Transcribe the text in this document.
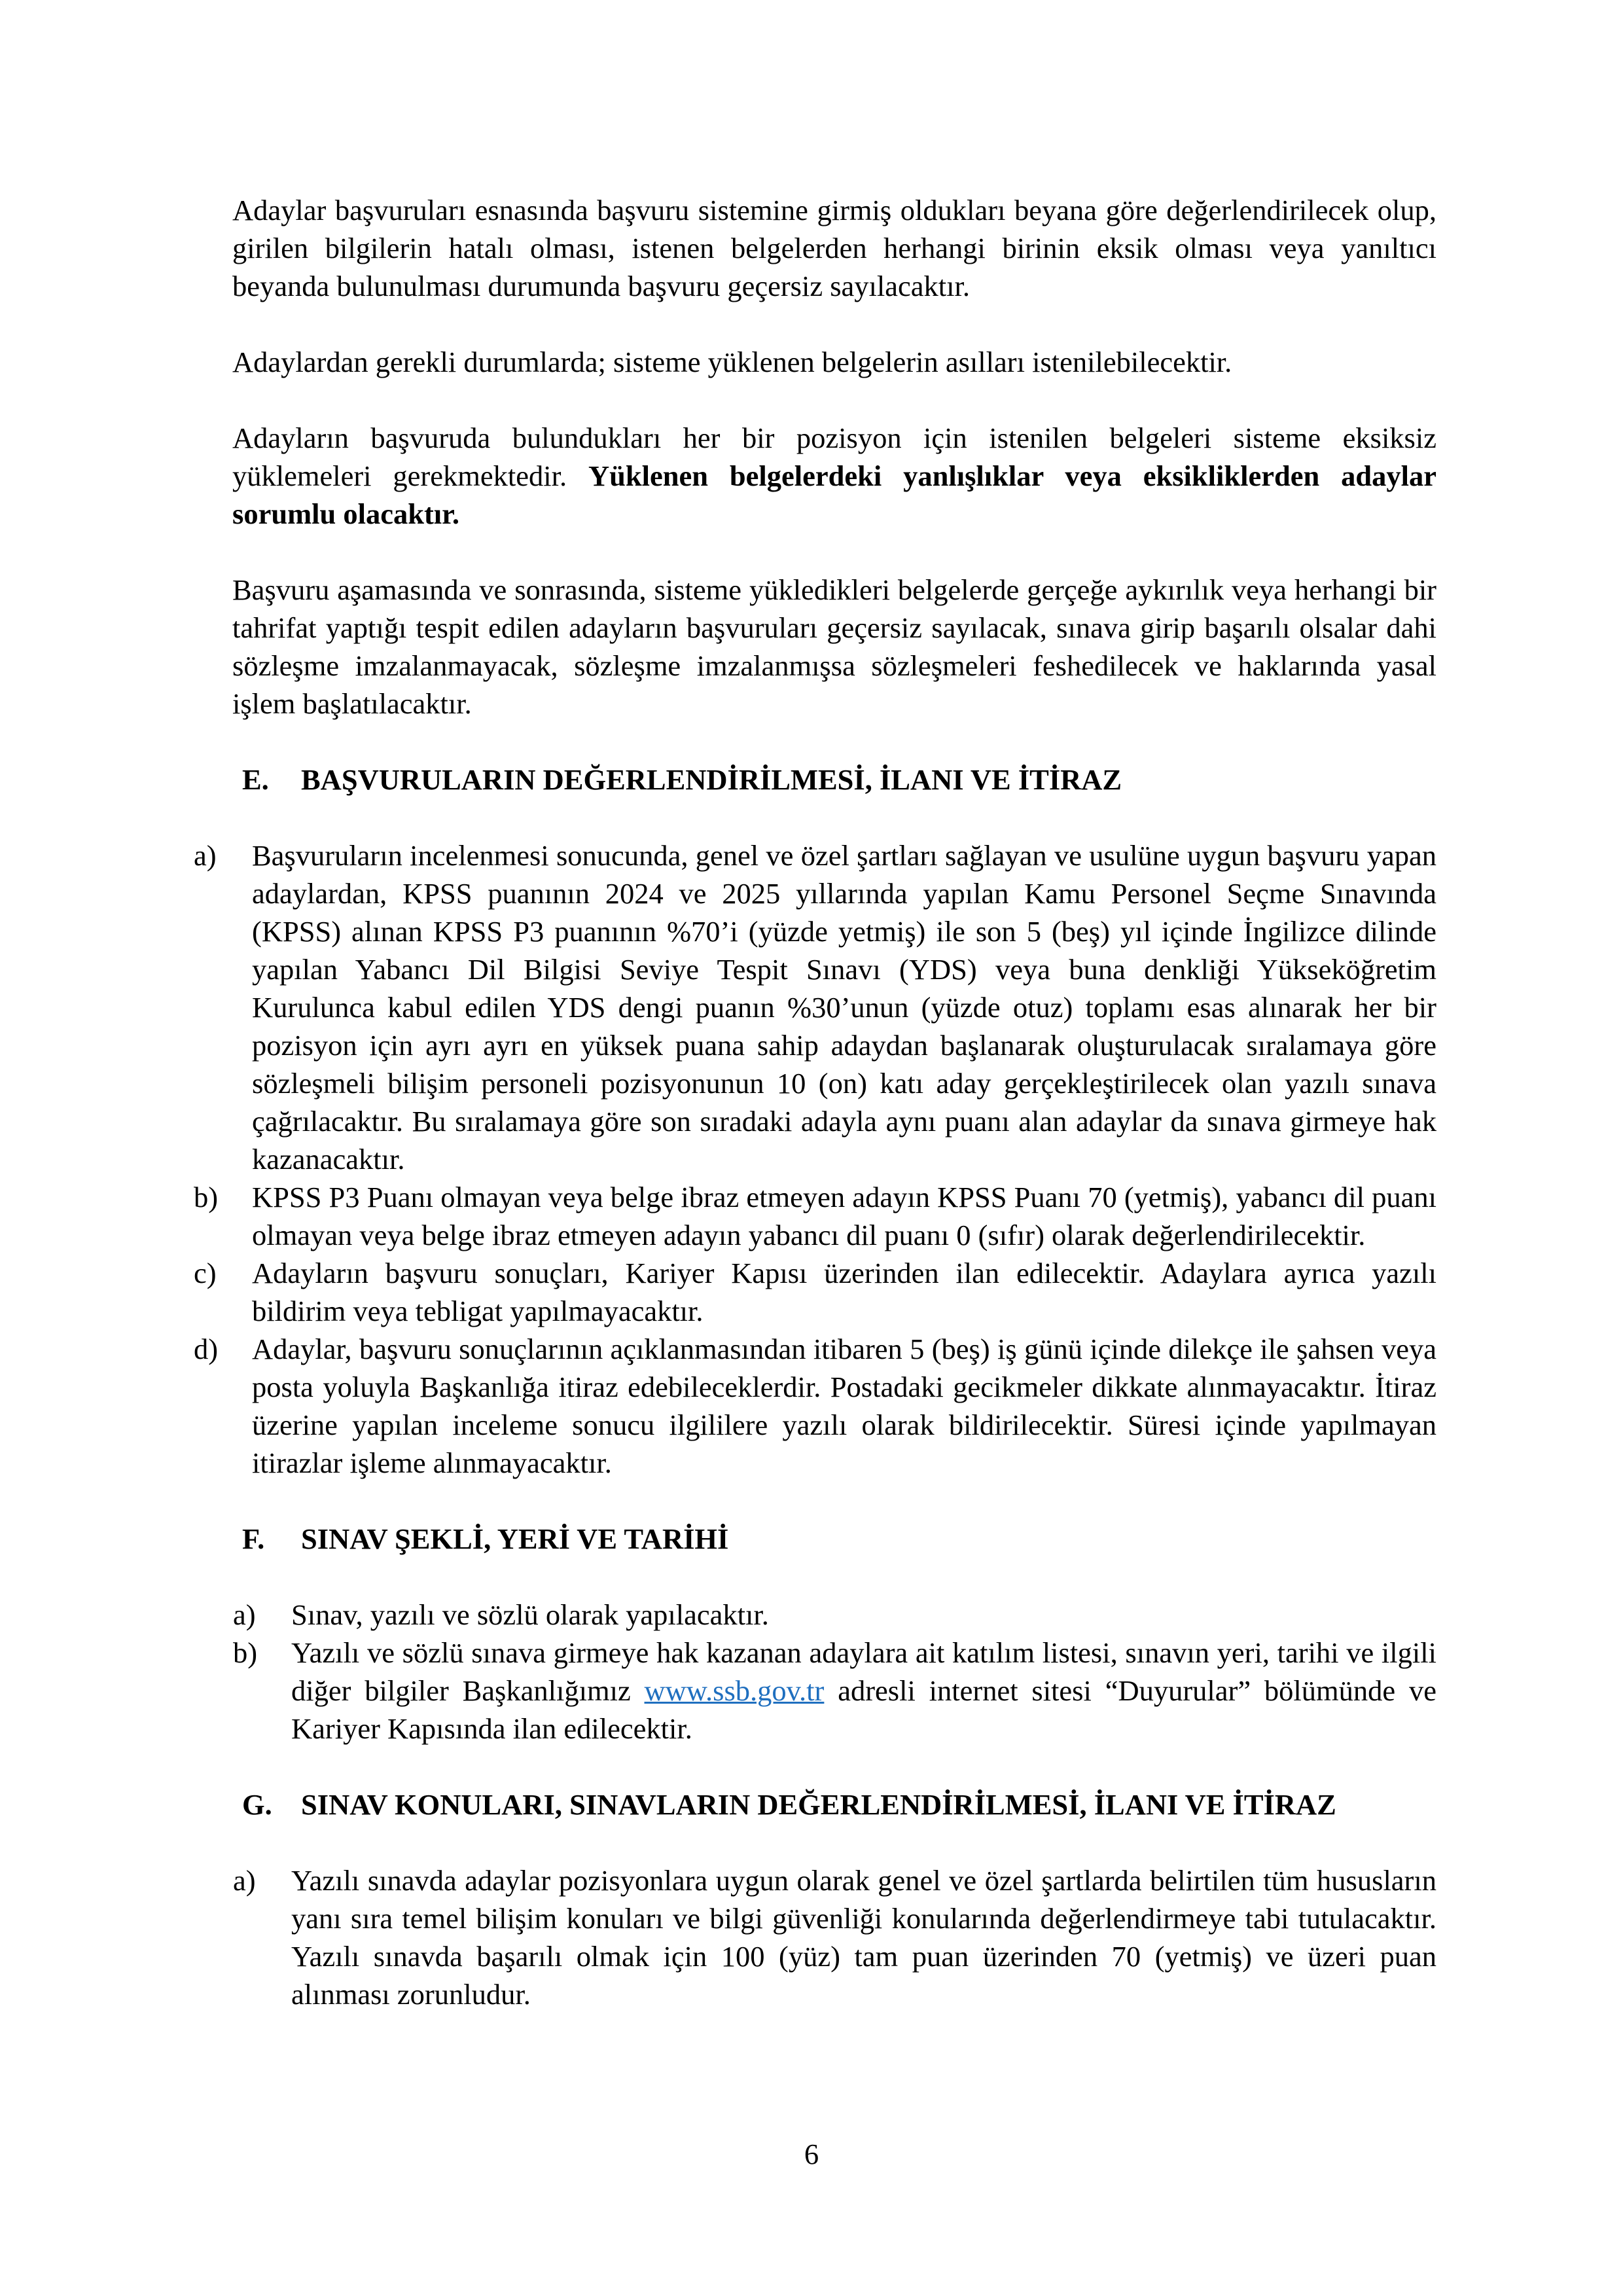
Adaylar başvuruları esnasında başvuru sistemine girmiş oldukları beyana göre değerlendirilecek olup, girilen bilgilerin hatalı olması, istenen belgelerden herhangi birinin eksik olması veya yanıltıcı beyanda bulunulması durumunda başvuru geçersiz sayılacaktır.

Adaylardan gerekli durumlarda; sisteme yüklenen belgelerin asılları istenilebilecektir.

Adayların başvuruda bulundukları her bir pozisyon için istenilen belgeleri sisteme eksiksiz yüklemeleri gerekmektedir. Yüklenen belgelerdeki yanlışlıklar veya eksikliklerden adaylar sorumlu olacaktır.

Başvuru aşamasında ve sonrasında, sisteme yükledikleri belgelerde gerçeğe aykırılık veya herhangi bir tahrifat yaptığı tespit edilen adayların başvuruları geçersiz sayılacak, sınava girip başarılı olsalar dahi sözleşme imzalanmayacak, sözleşme imzalanmışsa sözleşmeleri feshedilecek ve haklarında yasal işlem başlatılacaktır.

E.	BAŞVURULARIN DEĞERLENDİRİLMESİ, İLANI VE İTİRAZ
a)	Başvuruların incelenmesi sonucunda, genel ve özel şartları sağlayan ve usulüne uygun başvuru yapan adaylardan, KPSS puanının 2024 ve 2025 yıllarında yapılan Kamu Personel Seçme Sınavında (KPSS) alınan KPSS P3 puanının %70’i (yüzde yetmiş) ile son 5 (beş) yıl içinde İngilizce dilinde yapılan Yabancı Dil Bilgisi Seviye Tespit Sınavı (YDS) veya buna denkliği Yükseköğretim Kurulunca kabul edilen YDS dengi puanın %30’unun (yüzde otuz) toplamı esas alınarak her bir pozisyon için ayrı ayrı en yüksek puana sahip adaydan başlanarak oluşturulacak sıralamaya göre sözleşmeli bilişim personeli pozisyonunun 10 (on) katı aday gerçekleştirilecek olan yazılı sınava çağrılacaktır. Bu sıralamaya göre son sıradaki adayla aynı puanı alan adaylar da sınava girmeye hak kazanacaktır.
b)	KPSS P3 Puanı olmayan veya belge ibraz etmeyen adayın KPSS Puanı 70 (yetmiş), yabancı dil puanı olmayan veya belge ibraz etmeyen adayın yabancı dil puanı 0 (sıfır) olarak değerlendirilecektir.
c)	Adayların başvuru sonuçları, Kariyer Kapısı üzerinden ilan edilecektir. Adaylara ayrıca yazılı bildirim veya tebligat yapılmayacaktır.
d)	Adaylar, başvuru sonuçlarının açıklanmasından itibaren 5 (beş) iş günü içinde dilekçe ile şahsen veya posta yoluyla Başkanlığa itiraz edebileceklerdir. Postadaki gecikmeler dikkate alınmayacaktır. İtiraz üzerine yapılan inceleme sonucu ilgililere yazılı olarak bildirilecektir. Süresi içinde yapılmayan itirazlar işleme alınmayacaktır.
F.	SINAV ŞEKLİ, YERİ VE TARİHİ
a)	Sınav, yazılı ve sözlü olarak yapılacaktır.
b)	Yazılı ve sözlü sınava girmeye hak kazanan adaylara ait katılım listesi, sınavın yeri, tarihi ve ilgili diğer bilgiler Başkanlığımız www.ssb.gov.tr adresli internet sitesi “Duyurular” bölümünde ve Kariyer Kapısında ilan edilecektir.
G. SINAV KONULARI, SINAVLARIN DEĞERLENDİRİLMESİ, İLANI VE İTİRAZ
a)	Yazılı sınavda adaylar pozisyonlara uygun olarak genel ve özel şartlarda belirtilen tüm hususların yanı sıra temel bilişim konuları ve bilgi güvenliği konularında değerlendirmeye tabi tutulacaktır. Yazılı sınavda başarılı olmak için 100 (yüz) tam puan üzerinden 70 (yetmiş) ve üzeri puan alınması zorunludur.
6
